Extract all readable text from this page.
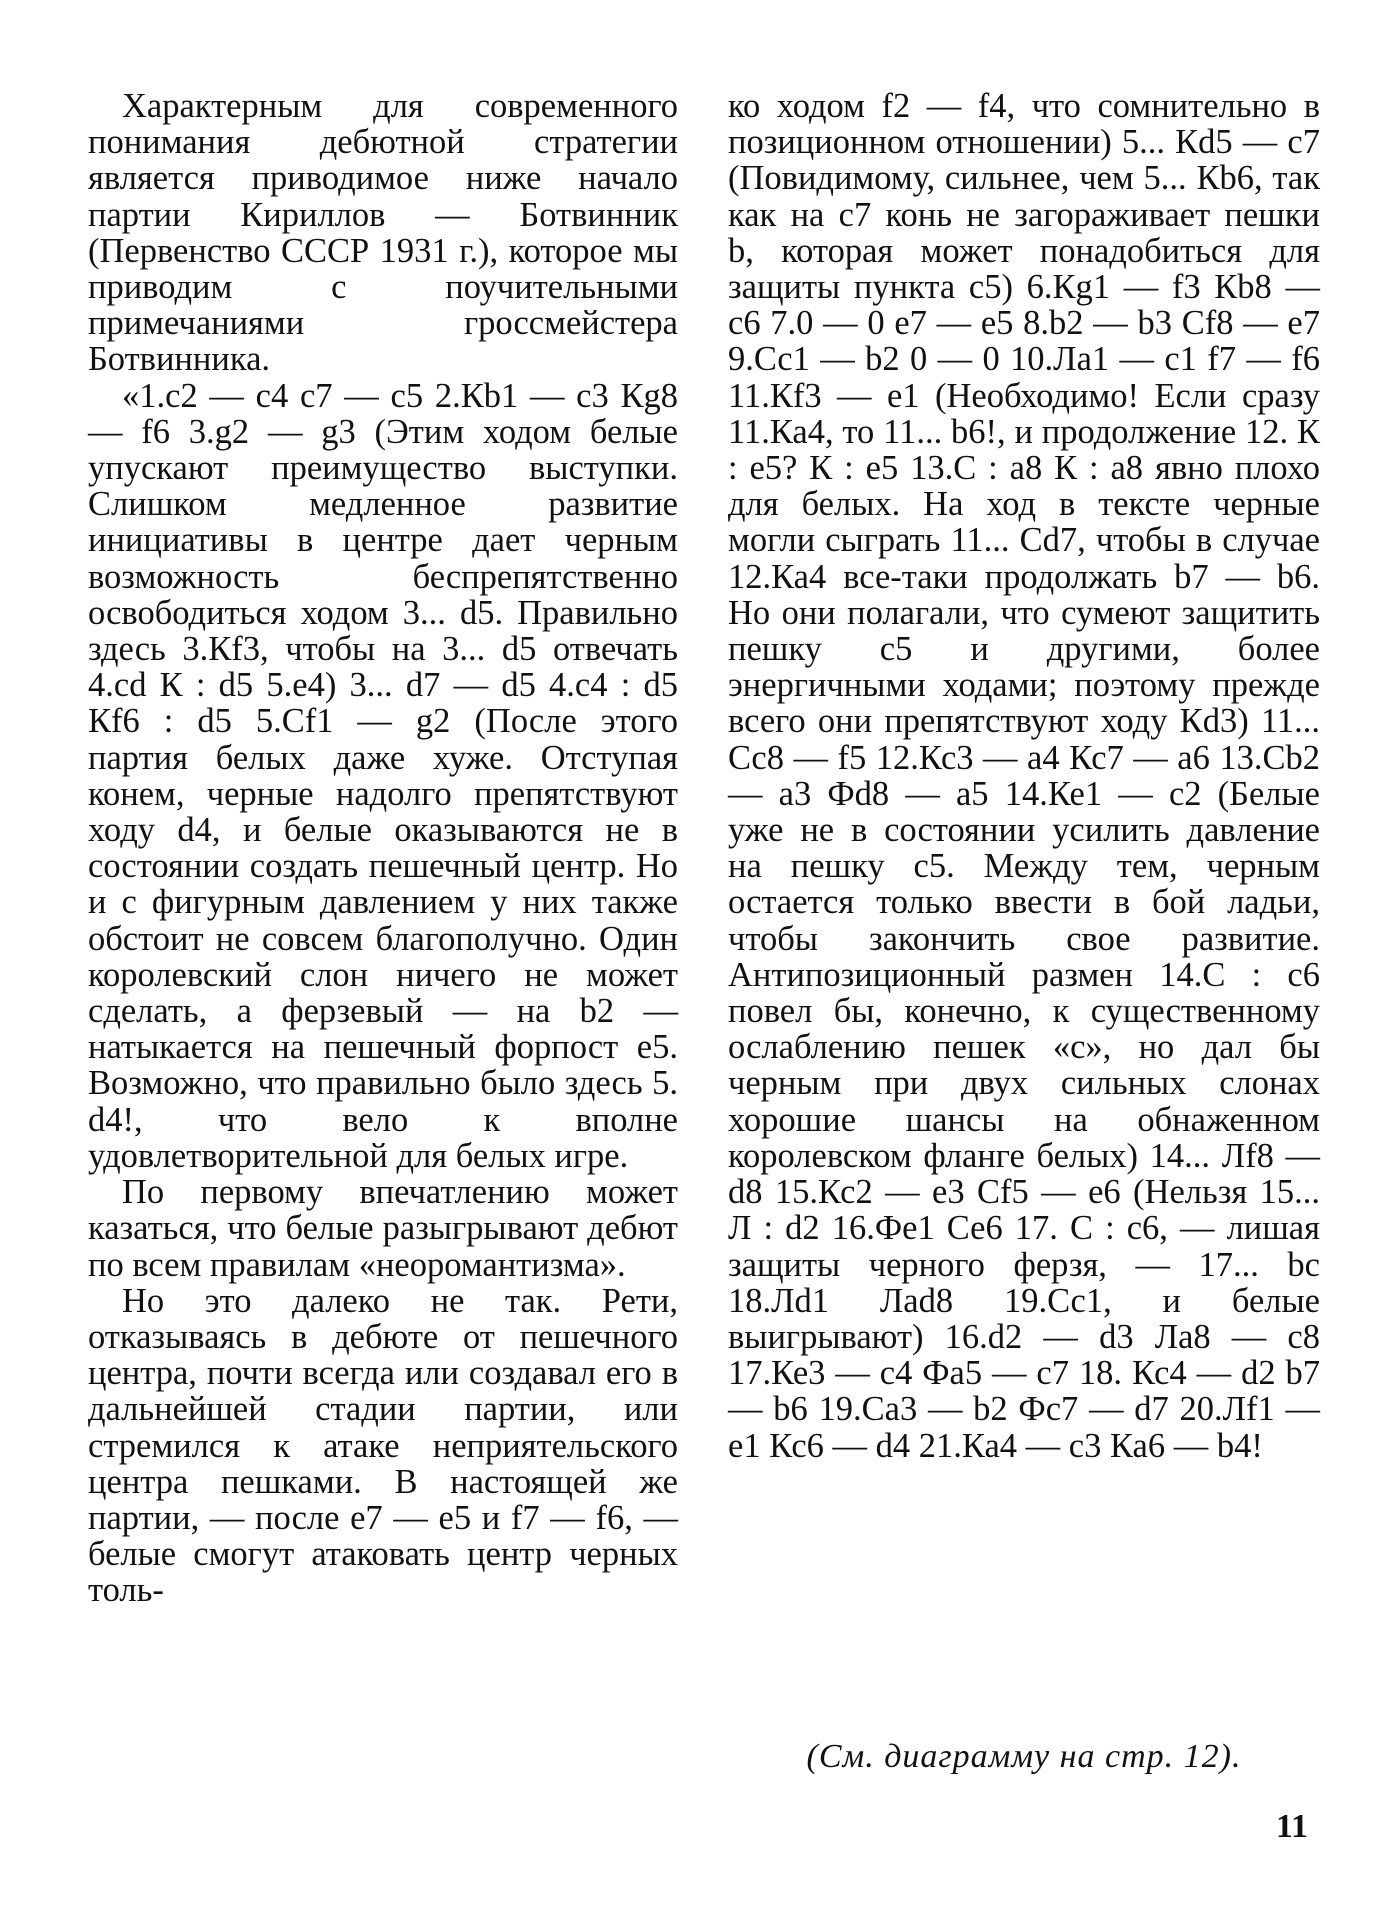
Характерным для современного понимания дебютной стратегии является приводимое ниже начало партии Кириллов — Ботвинник (Первенство СССР 1931 г.), которое мы приводим с поучительными примечаниями гроссмейстера Ботвинника.

«1.с2 — с4 с7 — с5 2.Кb1 — с3 Кg8 — f6 3.g2 — g3 (Этим ходом белые упускают преимущество выступки. Слишком медленное развитие инициативы в центре дает черным возможность беспрепятственно освободиться ходом 3... d5. Правильно здесь 3.Кf3, чтобы на 3... d5 отвечать 4.cd К : d5 5.е4) 3... d7 — d5 4.с4 : d5 Кf6 : d5 5.Сf1 — g2 (После этого партия белых даже хуже. Отступая конем, черные надолго препятствуют ходу d4, и белые оказываются не в состоянии создать пешечный центр. Но и с фигурным давлением у них также обстоит не совсем благополучно. Один королевский слон ничего не может сделать, а ферзевый — на b2 — натыкается на пешечный форпост е5. Возможно, что правильно было здесь 5. d4!, что вело к вполне удовлетворительной для белых игре.

По первому впечатлению может казаться, что белые разыгрывают дебют по всем правилам «неоромантизма».

Но это далеко не так. Рети, отказываясь в дебюте от пешечного центра, почти всегда или создавал его в дальнейшей стадии партии, или стремился к атаке неприятельского центра пешками. В настоящей же партии, — после е7 — е5 и f7 — f6, — белые смогут атаковать центр черных толь-

ко ходом f2 — f4, что сомнительно в позиционном отношении) 5... Кd5 — с7 (Повидимому, сильнее, чем 5... Кb6, так как на с7 конь не загораживает пешки b, которая может понадобиться для защиты пункта с5) 6.Кg1 — f3 Кb8 — с6 7.0 — 0 е7 — е5 8.b2 — b3 Сf8 — е7 9.Сс1 — b2 0 — 0 10.Ла1 — с1 f7 — f6 11.Кf3 — е1 (Необходимо! Если сразу 11.Ка4, то 11... b6!, и продолжение 12. К : е5? К : е5 13.С : а8 К : а8 явно плохо для белых. На ход в тексте черные могли сыграть 11... Сd7, чтобы в случае 12.Ка4 все-таки продолжать b7 — b6. Но они полагали, что сумеют защитить пешку с5 и другими, более энергичными ходами; поэтому прежде всего они препятствуют ходу Кd3) 11... Сс8 — f5 12.Кс3 — а4 Кс7 — а6 13.Сb2 — а3 Фd8 — а5 14.Ке1 — с2 (Белые уже не в состоянии усилить давление на пешку с5. Между тем, черным остается только ввести в бой ладьи, чтобы закончить свое развитие. Антипозиционный размен 14.С : с6 повел бы, конечно, к существенному ослаблению пешек «с», но дал бы черным при двух сильных слонах хорошие шансы на обнаженном королевском фланге белых) 14... Лf8 — d8 15.Кс2 — е3 Сf5 — е6 (Нельзя 15... Л : d2 16.Фе1 Се6 17. С : с6, — лишая защиты черного ферзя, — 17... bc 18.Лd1 Лаd8 19.Сс1, и белые выигрывают) 16.d2 — d3 Ла8 — с8 17.Ке3 — с4 Фа5 — с7 18. Кс4 — d2 b7 — b6 19.Са3 — b2 Фс7 — d7 20.Лf1 — е1 Кс6 — d4 21.Ка4 — с3 Ка6 — b4!

(См. диаграмму на стр. 12).
11
